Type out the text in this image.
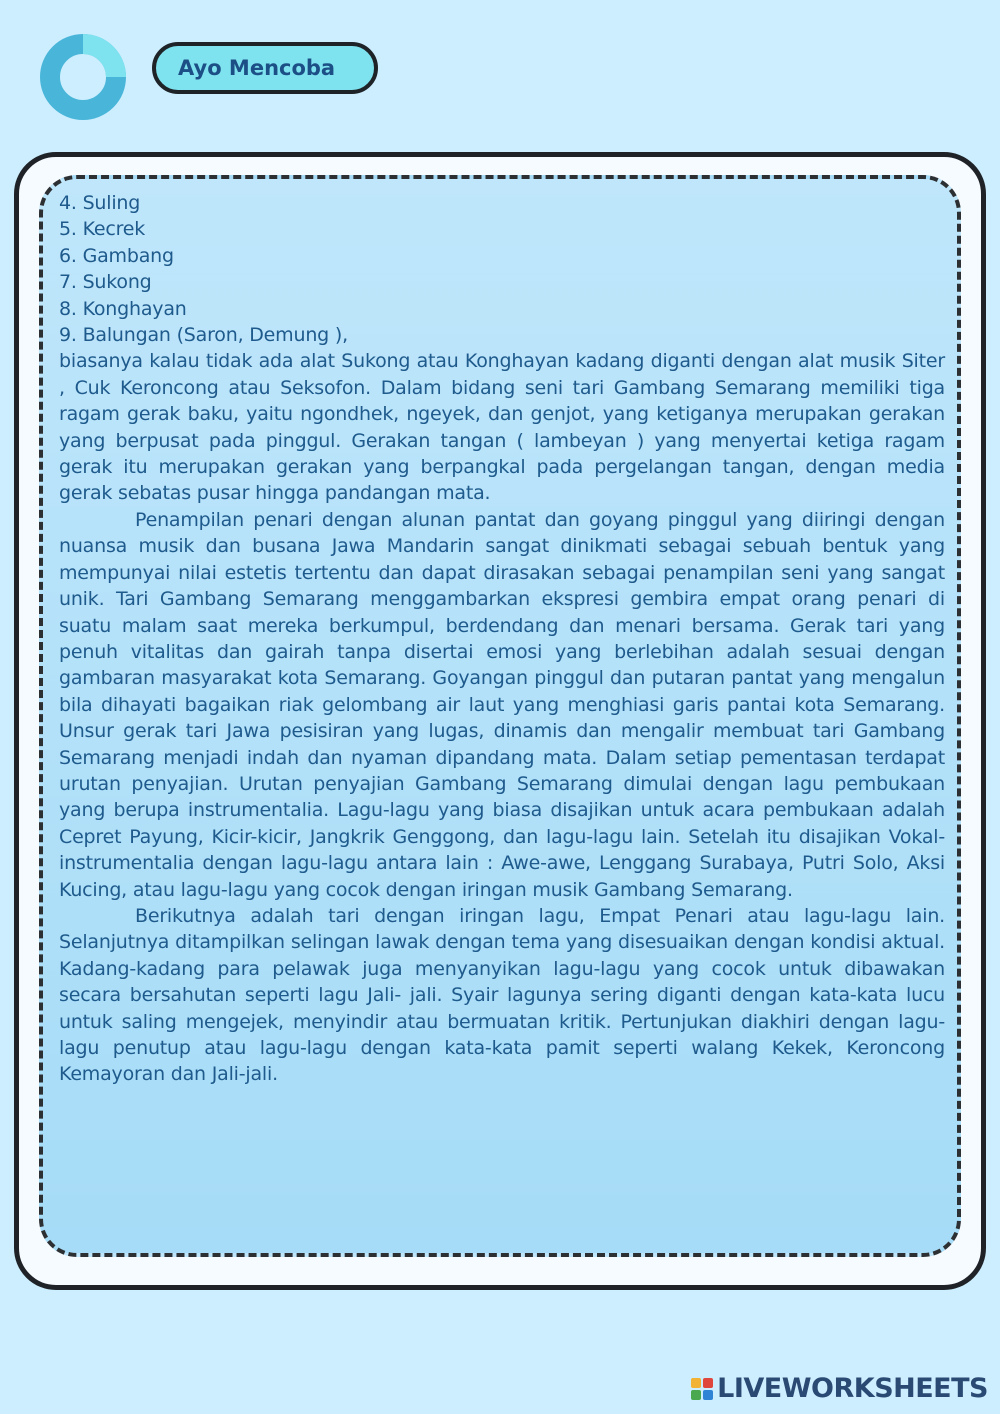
Ayo Mencoba
4. Suling
5. Kecrek
6. Gambang
7. Sukong
8. Konghayan
9. Balungan (Saron, Demung ),

biasanya kalau tidak ada alat Sukong atau Konghayan kadang diganti dengan alat musik Siter , Cuk Keroncong atau Seksofon. Dalam bidang seni tari Gambang Semarang memiliki tiga ragam gerak baku, yaitu ngondhek, ngeyek, dan genjot, yang ketiganya merupakan gerakan yang berpusat pada pinggul. Gerakan tangan ( lambeyan ) yang menyertai ketiga ragam gerak itu merupakan gerakan yang berpangkal pada pergelangan tangan, dengan media gerak sebatas pusar hingga pandangan mata.

Penampilan penari dengan alunan pantat dan goyang pinggul yang diiringi dengan nuansa musik dan busana Jawa Mandarin sangat dinikmati sebagai sebuah bentuk yang mempunyai nilai estetis tertentu dan dapat dirasakan sebagai penampilan seni yang sangat unik. Tari Gambang Semarang menggambarkan ekspresi gembira empat orang penari di suatu malam saat mereka berkumpul, berdendang dan menari bersama. Gerak tari yang penuh vitalitas dan gairah tanpa disertai emosi yang berlebihan adalah sesuai dengan gambaran masyarakat kota Semarang. Goyangan pinggul dan putaran pantat yang mengalun bila dihayati bagaikan riak gelombang air laut yang menghiasi garis pantai kota Semarang. Unsur gerak tari Jawa pesisiran yang lugas, dinamis dan mengalir membuat tari Gambang Semarang menjadi indah dan nyaman dipandang mata. Dalam setiap pementasan terdapat urutan penyajian. Urutan penyajian Gambang Semarang dimulai dengan lagu pembukaan yang berupa instrumentalia. Lagu-lagu yang biasa disajikan untuk acara pembukaan adalah Cepret Payung, Kicir-kicir, Jangkrik Genggong, dan lagu-lagu lain. Setelah itu disajikan Vokal-instrumentalia dengan lagu-lagu antara lain : Awe-awe, Lenggang Surabaya, Putri Solo, Aksi Kucing, atau lagu-lagu yang cocok dengan iringan musik Gambang Semarang.

Berikutnya adalah tari dengan iringan lagu, Empat Penari atau lagu-lagu lain. Selanjutnya ditampilkan selingan lawak dengan tema yang disesuaikan dengan kondisi aktual. Kadang-kadang para pelawak juga menyanyikan lagu-lagu yang cocok untuk dibawakan secara bersahutan seperti lagu Jali- jali. Syair lagunya sering diganti dengan kata-kata lucu untuk saling mengejek, menyindir atau bermuatan kritik. Pertunjukan diakhiri dengan lagu-lagu penutup atau lagu-lagu dengan kata-kata pamit seperti walang Kekek, Keroncong Kemayoran dan Jali-jali.

LIVEWORKSHEETS
